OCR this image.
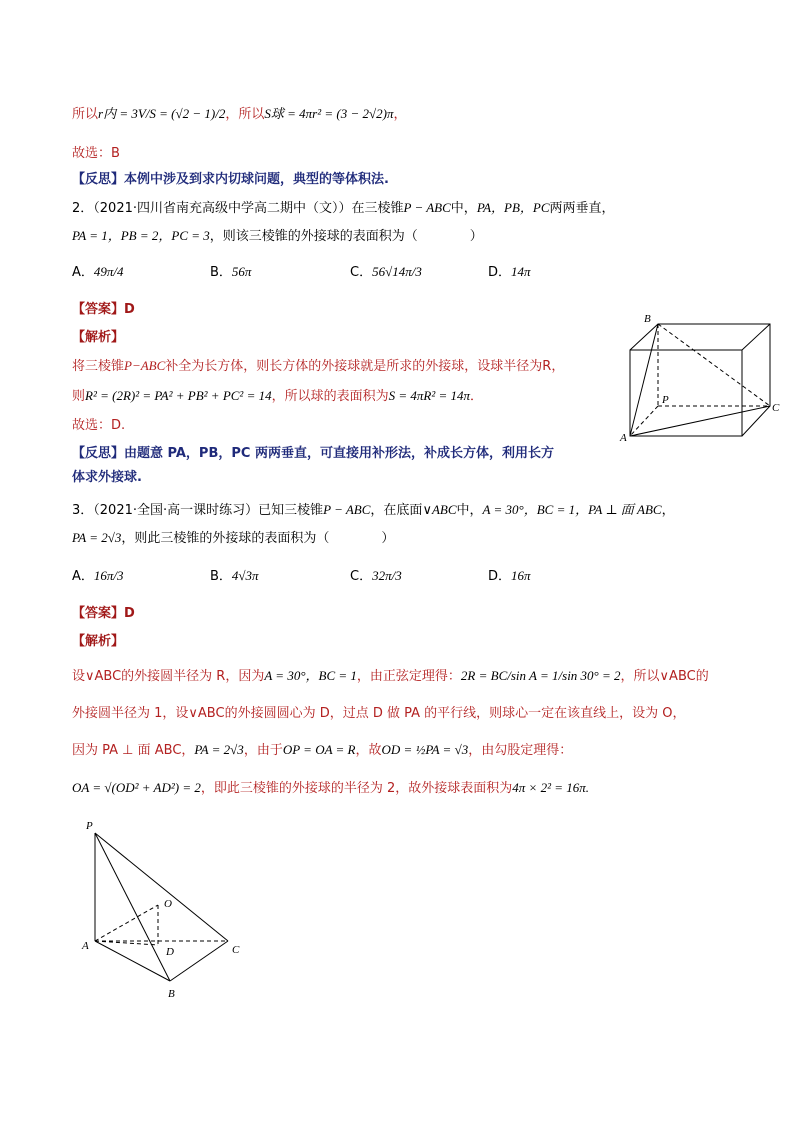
所以r内 = 3V/S = (√2 − 1)/2，所以S球 = 4πr² = (3 − 2√2)π，
故选：B
【反思】本例中涉及到求内切球问题，典型的等体积法.
2．（2021·四川省南充高级中学高二期中（文））在三棱锥P − ABC中，PA，PB，PC两两垂直，
PA = 1，PB = 2，PC = 3，则该三棱锥的外接球的表面积为（　　　　）
A．49π/4	B．56π	C．56√14π/3	D．14π
【答案】D
【解析】
将三棱锥P−ABC补全为长方体，则长方体的外接球就是所求的外接球，设球半径为R，
则R² = (2R)² = PA² + PB² + PC² = 14，所以球的表面积为S = 4πR² = 14π．
故选：D.
【反思】由题意 PA，PB，PC 两两垂直，可直接用补形法，补成长方体，利用长方
体求外接球.
B
P
C
A
3．（2021·全国·高一课时练习）已知三棱锥P − ABC，在底面∨ABC中，A = 30°，BC = 1，PA ⊥ 面 ABC，
PA = 2√3，则此三棱锥的外接球的表面积为（　　　　）
A．16π/3	B．4√3π	C．32π/3	D．16π
【答案】D
【解析】
设∨ABC的外接圆半径为 R，因为A = 30°，BC = 1，由正弦定理得：2R = BC/sin A = 1/sin 30° = 2，所以∨ABC的
外接圆半径为 1，设∨ABC的外接圆圆心为 D，过点 D 做 PA 的平行线，则球心一定在该直线上，设为 O，
因为 PA ⊥ 面 ABC，PA = 2√3，由于OP = OA = R，故OD = ½PA = √3，由勾股定理得：
OA = √(OD² + AD²) = 2，即此三棱锥的外接球的半径为 2，故外接球表面积为4π × 2² = 16π.
P
O
A	D	C
B
